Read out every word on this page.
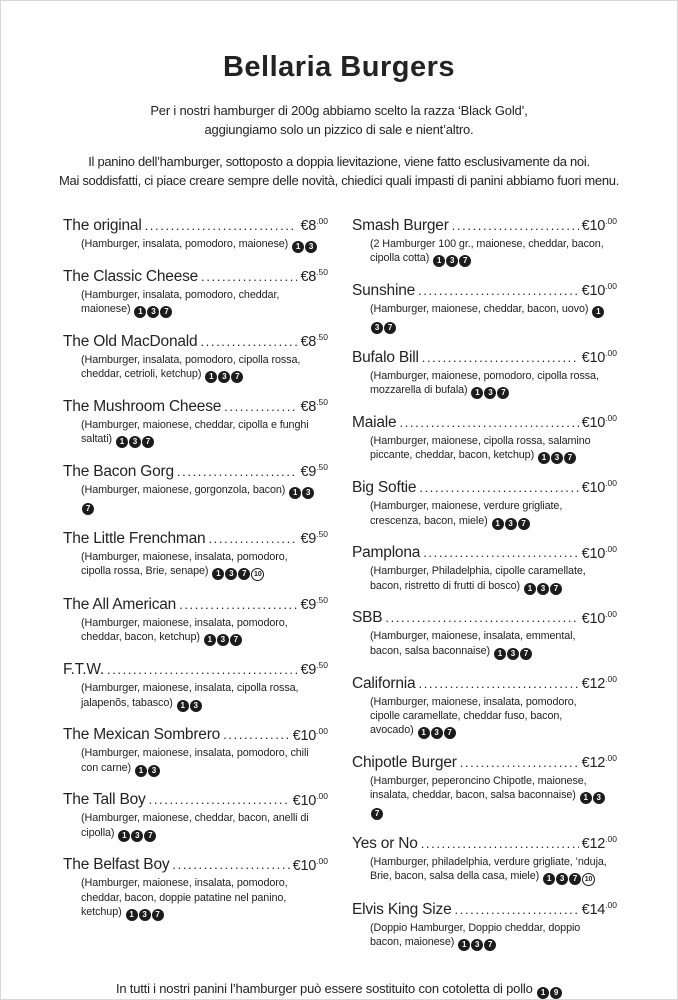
Bellaria Burgers
Per i nostri hamburger di 200g abbiamo scelto la razza ‘Black Gold’,
aggiungiamo solo un pizzico di sale e nient’altro.
Il panino dell’hamburger, sottoposto a doppia lievitazione, viene fatto esclusivamente da noi.
Mai soddisfatti, ci piace creare sempre delle novità, chiedici quali impasti di panini abbiamo fuori menu.
The original .....	$€8^{.00}$
(Hamburger, insalata, pomodoro, maionese) 1 3
The Classic Cheese .....	$€8^{.50}$
(Hamburger, insalata, pomodoro, cheddar, maionese) 1 3 7
The Old MacDonald .....	$€8^{.50}$
(Hamburger, insalata, pomodoro, cipolla rossa, cheddar, cetrioli, ketchup) 1 3 7
The Mushroom Cheese .....	$€8^{.50}$
(Hamburger, maionese, cheddar, cipolla e funghi saltati) 1 3 7
The Bacon Gorg .....	$€9^{.50}$
(Hamburger, maionese, gorgonzola, bacon) 1 37
The Little Frenchman .....	$€9^{.50}$
(Hamburger, maionese, insalata, pomodoro, cipolla rossa, Brie, senape) 1 3 7 10
The All American .....	$€9^{.50}$
(Hamburger, maionese, insalata, pomodoro, cheddar, bacon, ketchup) 1 3 7
F.T.W. .....	$€9^{.50}$
(Hamburger, maionese, insalata, cipolla rossa, jalapenõs, tabasco) 1 3
The Mexican Sombrero .....	$€10^{.00}$
(Hamburger, maionese, insalata, pomodoro, chili con carne) 1 3
The Tall Boy .....	$€10^{.00}$
(Hamburger, maionese, cheddar, bacon, anelli di cipolla) 1 3 7
The Belfast Boy .....	$€10^{.00}$
(Hamburger, maionese, insalata, pomodoro, cheddar, bacon, doppie patatine nel panino, ketchup) 1 3 7
Smash Burger .....	$€10^{.00}$
(2 Hamburger 100 gr., maionese, cheddar, bacon, cipolla cotta) 1 3 7
Sunshine .....	$€10^{.00}$
(Hamburger, maionese, cheddar, bacon, uovo) 13 7
Bufalo Bill .....	$€10^{.00}$
(Hamburger, maionese, pomodoro, cipolla rossa, mozzarella di bufala) 1 3 7
Maiale .....	$€10^{.00}$
(Hamburger, maionese, cipolla rossa, salamino piccante, cheddar, bacon, ketchup) 1 3 7
Big Softie .....	$€10^{.00}$
(Hamburger, maionese, verdure grigliate, crescenza, bacon, miele) 1 3 7
Pamplona .....	$€10^{.00}$
(Hamburger, Philadelphia, cipolle caramellate, bacon, ristretto di frutti di bosco) 1 3 7
SBB .....	$€10^{.00}$
(Hamburger, maionese, insalata, emmental, bacon, salsa baconnaise) 1 3 7
California .....	$€12^{.00}$
(Hamburger, maionese, insalata, pomodoro, cipolle caramellate, cheddar fuso, bacon, avocado) 1 3 7
Chipotle Burger .....	$€12^{.00}$
(Hamburger, peperoncino Chipotle, maionese, insalata, cheddar, bacon, salsa baconnaise) 1 37
Yes or No .....	$€12^{.00}$
(Hamburger, philadelphia, verdure grigliate, ’nduja, Brie, bacon, salsa della casa, miele) 1 3 7 10
Elvis King Size .....	$€14^{.00}$
(Doppio Hamburger, Doppio cheddar, doppio bacon, maionese) 1 3 7
In tutti i nostri panini l’hamburger può essere sostituito con cotoletta di pollo 1 9
